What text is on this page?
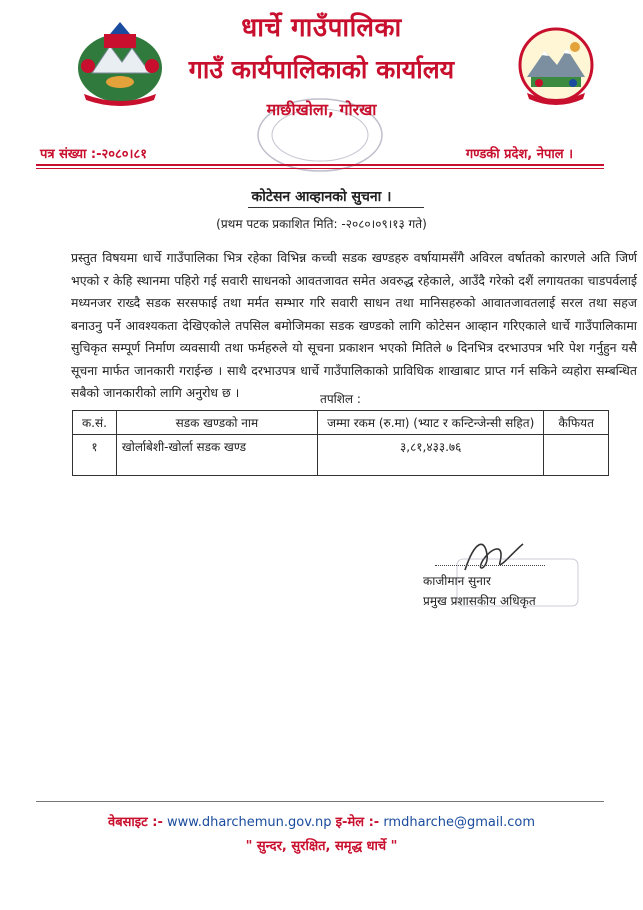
धार्चे गाउँपालिका
गाउँ कार्यपालिकाको कार्यालय
माछीखोला, गोरखा
पत्र संख्या :-२०८०।८१	गण्डकी प्रदेश, नेपाल ।
कोटेसन आव्हानको सुचना ।
(प्रथम पटक प्रकाशित मिति: -२०८०।०९।१३ गते)
प्रस्तुत विषयमा धार्चे गाउँपालिका भित्र रहेका विभिन्न कच्ची सडक खण्डहरु वर्षायामसँगै अविरल वर्षातको कारणले अति जिर्ण भएको र केहि स्थानमा पहिरो गई सवारी साधनको आवतजावत समेत अवरुद्ध रहेकाले, आउँदै गरेको दशैं लगायतका चाडपर्वलाई मध्यनजर राख्दै सडक सरसफाई तथा मर्मत सम्भार गरि सवारी साधन तथा मानिसहरुको आवातजावतलाई सरल तथा सहज बनाउनु पर्ने आवश्यकता देखिएकोले तपसिल बमोजिमका सडक खण्डको लागि कोटेसन आव्हान गरिएकाले धार्चे गाउँपालिकामा सुचिकृत सम्पूर्ण निर्माण व्यवसायी तथा फर्महरुले यो सूचना प्रकाशन भएको मितिले ७ दिनभित्र दरभाउपत्र भरि पेश गर्नुहुन यसै सूचना मार्फत जानकारी गराईन्छ । साथै दरभाउपत्र धार्चे गाउँपालिकाको प्राविधिक शाखाबाट प्राप्त गर्न सकिने व्यहोरा सम्बन्धित सबैको जानकारीको लागि अनुरोध छ ।	तपशिल :
क.सं.	सडक खण्डको नाम	जम्मा रकम (रु.मा) (भ्याट र कन्टिन्जेन्सी सहित)	कैफियत
१	खोर्लाबेशी-खोर्ला सडक खण्ड	३,८१,४३३.७६	
काजीमान सुनार
प्रमुख प्रशासकीय अधिकृत
वेबसाइट :- www.dharchemun.gov.np इ-मेल :- rmdharche@gmail.com
" सुन्दर, सुरक्षित, समृद्ध धार्चे "
